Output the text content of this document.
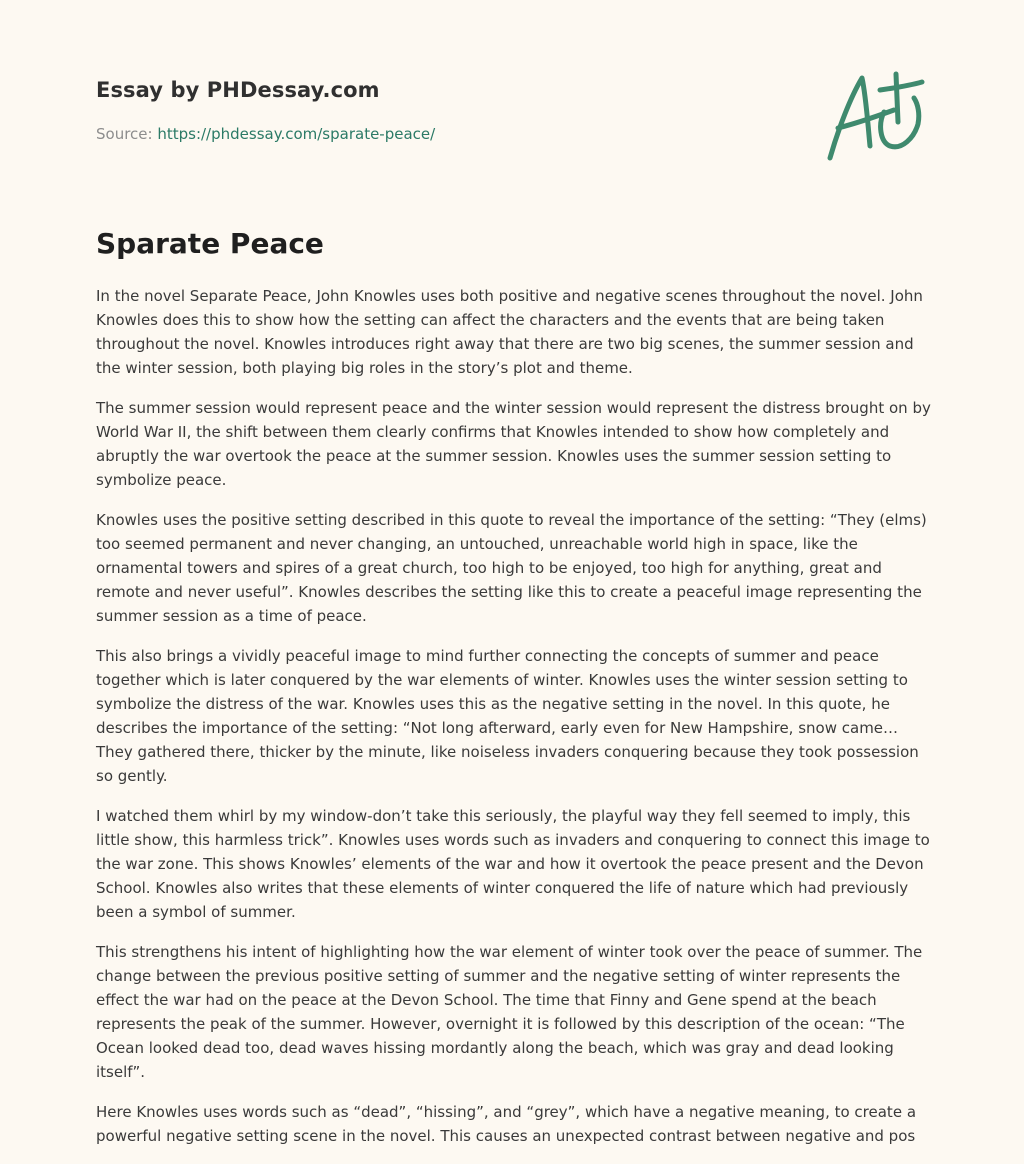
Essay by PHDessay.com
Source: https://phdessay.com/sparate-peace/
Sparate Peace

In the novel Separate Peace, John Knowles uses both positive and negative scenes throughout the novel. John Knowles does this to show how the setting can affect the characters and the events that are being taken throughout the novel. Knowles introduces right away that there are two big scenes, the summer session and the winter session, both playing big roles in the story’s plot and theme.

The summer session would represent peace and the winter session would represent the distress brought on by World War II, the shift between them clearly confirms that Knowles intended to show how completely and abruptly the war overtook the peace at the summer session. Knowles uses the summer session setting to symbolize peace.

Knowles uses the positive setting described in this quote to reveal the importance of the setting: “They (elms) too seemed permanent and never changing, an untouched, unreachable world high in space, like the ornamental towers and spires of a great church, too high to be enjoyed, too high for anything, great and remote and never useful”. Knowles describes the setting like this to create a peaceful image representing the summer session as a time of peace.

This also brings a vividly peaceful image to mind further connecting the concepts of summer and peace together which is later conquered by the war elements of winter. Knowles uses the winter session setting to symbolize the distress of the war. Knowles uses this as the negative setting in the novel. In this quote, he describes the importance of the setting: “Not long afterward, early even for New Hampshire, snow came…They gathered there, thicker by the minute, like noiseless invaders conquering because they took possession so gently.

I watched them whirl by my window-don’t take this seriously, the playful way they fell seemed to imply, this little show, this harmless trick”. Knowles uses words such as invaders and conquering to connect this image to the war zone. This shows Knowles’ elements of the war and how it overtook the peace present and the Devon School. Knowles also writes that these elements of winter conquered the life of nature which had previously been a symbol of summer.

This strengthens his intent of highlighting how the war element of winter took over the peace of summer. The change between the previous positive setting of summer and the negative setting of winter represents the effect the war had on the peace at the Devon School. The time that Finny and Gene spend at the beach represents the peak of the summer. However, overnight it is followed by this description of the ocean: “The Ocean looked dead too, dead waves hissing mordantly along the beach, which was gray and dead looking itself”.

Here Knowles uses words such as “dead”, “hissing”, and “grey”, which have a negative meaning, to create a powerful negative setting scene in the novel. This causes an unexpected contrast between negative and pos
